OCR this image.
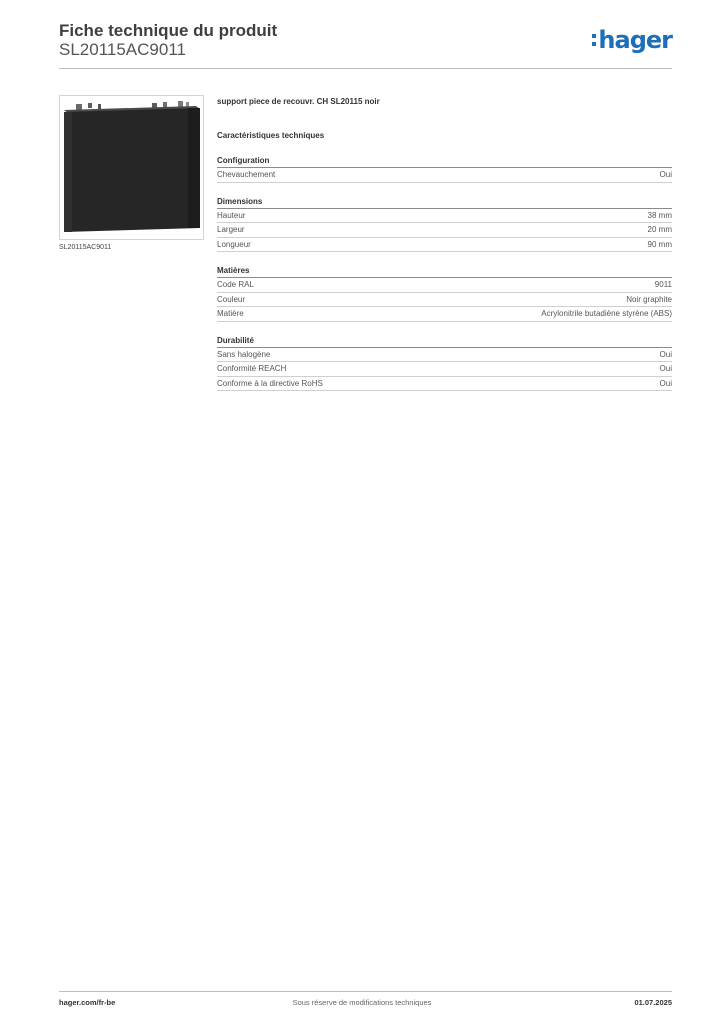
Fiche technique du produit
SL20115AC9011	hager
SL20115AC9011
support piece de recouvr. CH SL20115 noir
Caractéristiques techniques
Configuration
Chevauchement	Oui
Dimensions
Hauteur	38 mm
Largeur	20 mm
Longueur	90 mm
Matières
Code RAL	9011
Couleur	Noir graphite
Matière	Acrylonitrile butadiène styrène (ABS)
Durabilité
Sans halogène	Oui
Conformité REACH	Oui
Conforme à la directive RoHS	Oui
hager.com/fr-be	Sous réserve de modifications techniques	01.07.2025
